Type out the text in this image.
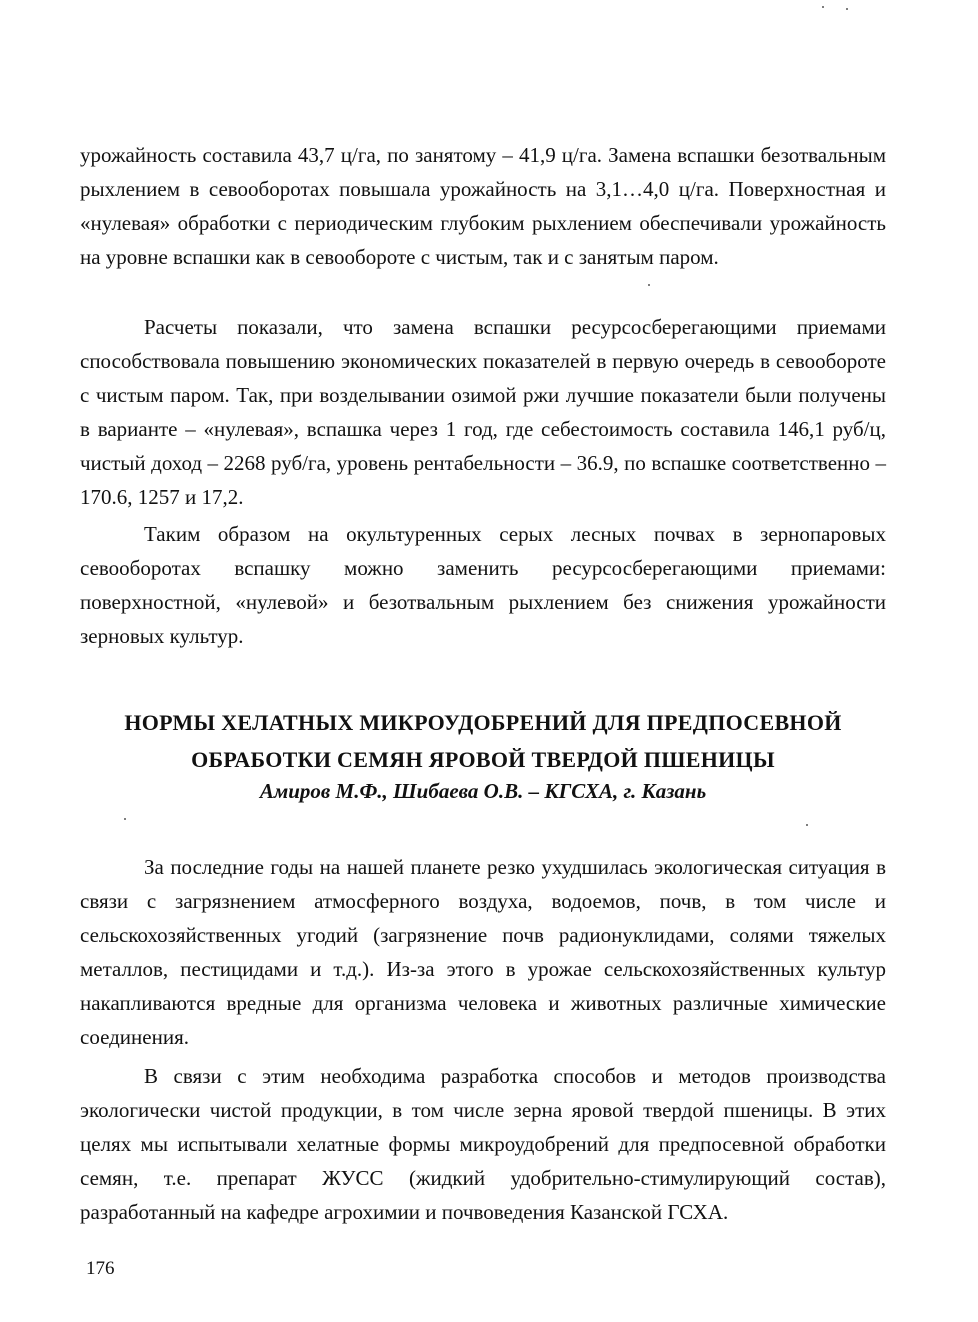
урожайность составила 43,7 ц/га, по занятому – 41,9 ц/га. Замена вспашки безотвальным рыхлением в севооборотах повышала урожайность на 3,1…4,0 ц/га. Поверхностная и «нулевая» обработки с периодическим глубоким рыхлением обеспечивали урожайность на уровне вспашки как в севообороте с чистым, так и с занятым паром.

Расчеты показали, что замена вспашки ресурсосберегающими приемами способствовала повышению экономических показателей в первую очередь в севообороте с чистым паром. Так, при возделывании озимой ржи лучшие показатели были получены в варианте – «нулевая», вспашка через 1 год, где себестоимость составила 146,1 руб/ц, чистый доход – 2268 руб/га, уровень рентабельности – 36.9, по вспашке соответственно – 170.6, 1257 и 17,2.

Таким образом на окультуренных серых лесных почвах в зернопаровых севооборотах вспашку можно заменить ресурсосберегающими приемами: поверхностной, «нулевой» и безотвальным рыхлением без снижения урожайности зерновых культур.

НОРМЫ ХЕЛАТНЫХ МИКРОУДОБРЕНИЙ ДЛЯ ПРЕДПОСЕВНОЙ
ОБРАБОТКИ СЕМЯН ЯРОВОЙ ТВЕРДОЙ ПШЕНИЦЫ

Амиров М.Ф., Шибаева О.В. – КГСХА, г. Казань

За последние годы на нашей планете резко ухудшилась экологическая ситуация в связи с загрязнением атмосферного воздуха, водоемов, почв, в том числе и сельскохозяйственных угодий (загрязнение почв радионуклидами, солями тяжелых металлов, пестицидами и т.д.). Из-за этого в урожае сельскохозяйственных культур накапливаются вредные для организма человека и животных различные химические соединения.

В связи с этим необходима разработка способов и методов производства экологически чистой продукции, в том числе зерна яровой твердой пшеницы. В этих целях мы испытывали хелатные формы микроудобрений для предпосевной обработки семян, т.е. препарат ЖУСС (жидкий удобрительно-стимулирующий состав), разработанный на кафедре агрохимии и почвоведения Казанской ГСХА.

176
